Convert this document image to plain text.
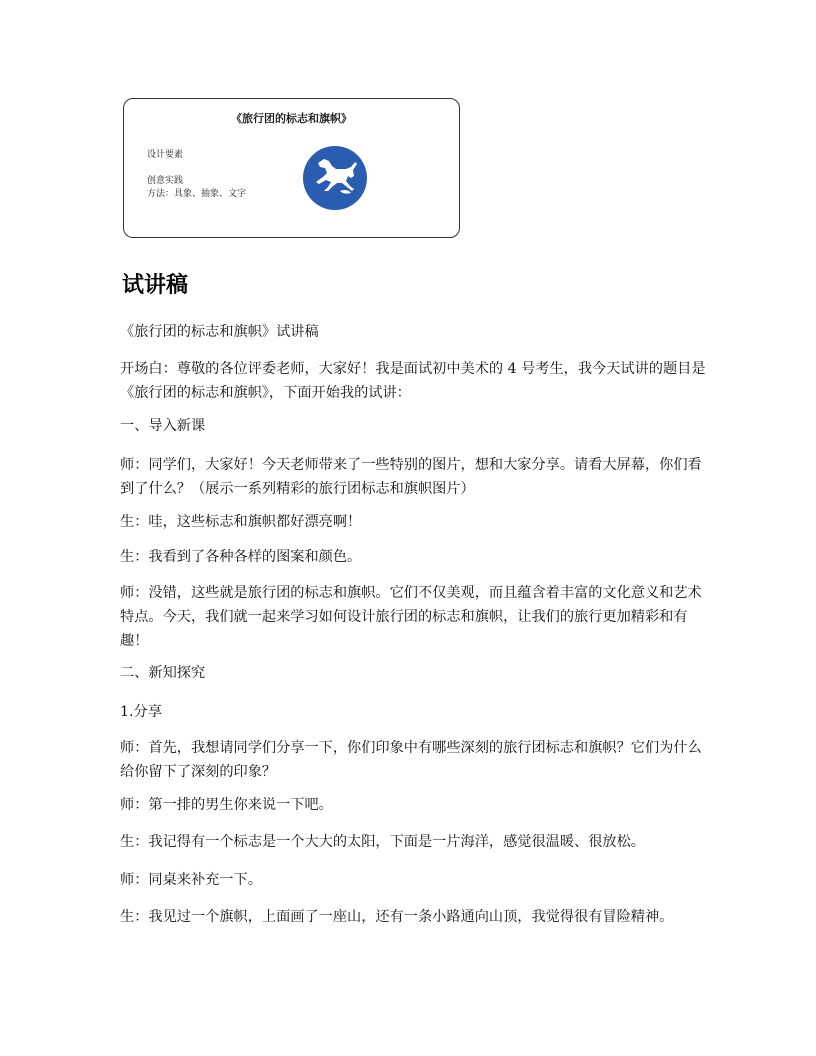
《旅行团的标志和旗帜》
设计要素
创意实践
方法：具象、抽象、文字
试讲稿

《旅行团的标志和旗帜》试讲稿

开场白：尊敬的各位评委老师，大家好！我是面试初中美术的 4 号考生，我今天试讲的题目是《旅行团的标志和旗帜》，下面开始我的试讲：

一、导入新课

师：同学们，大家好！今天老师带来了一些特别的图片，想和大家分享。请看大屏幕，你们看到了什么？（展示一系列精彩的旅行团标志和旗帜图片）

生：哇，这些标志和旗帜都好漂亮啊！

生：我看到了各种各样的图案和颜色。

师：没错，这些就是旅行团的标志和旗帜。它们不仅美观，而且蕴含着丰富的文化意义和艺术特点。今天，我们就一起来学习如何设计旅行团的标志和旗帜，让我们的旅行更加精彩和有趣！

二、新知探究

1.分享

师：首先，我想请同学们分享一下，你们印象中有哪些深刻的旅行团标志和旗帜？它们为什么给你留下了深刻的印象？

师：第一排的男生你来说一下吧。

生：我记得有一个标志是一个大大的太阳，下面是一片海洋，感觉很温暖、很放松。

师：同桌来补充一下。

生：我见过一个旗帜，上面画了一座山，还有一条小路通向山顶，我觉得很有冒险精神。
